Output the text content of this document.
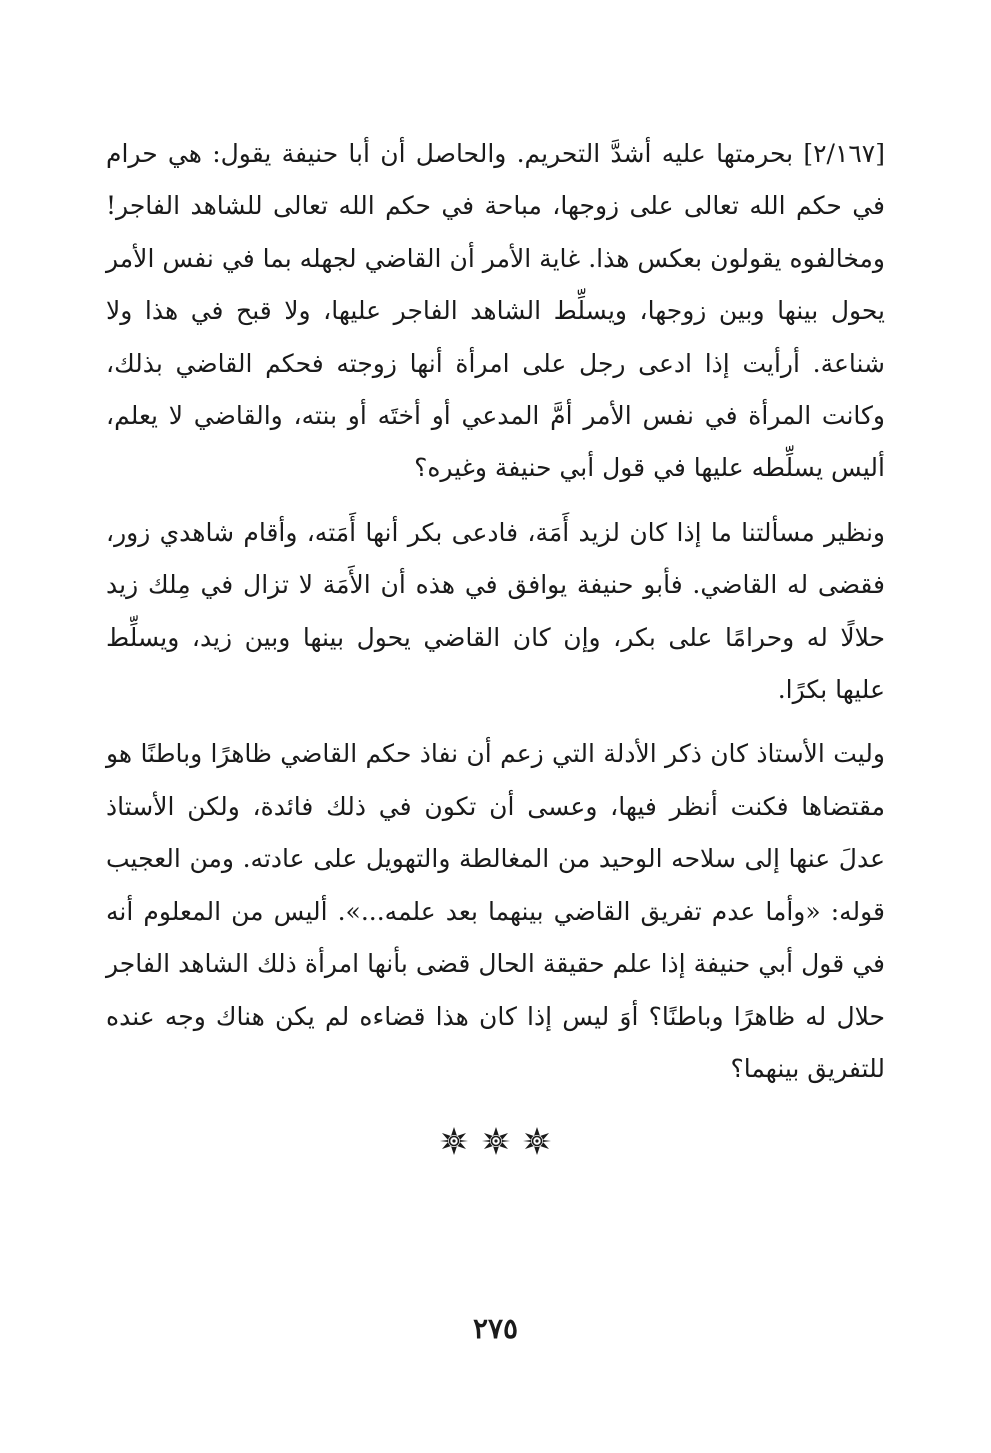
[٢/١٦٧] بحرمتها عليه أشدَّ التحريم. والحاصل أن أبا حنيفة يقول: هي حرام في حكم الله تعالى على زوجها، مباحة في حكم الله تعالى للشاهد الفاجر! ومخالفوه يقولون بعكس هذا. غاية الأمر أن القاضي لجهله بما في نفس الأمر يحول بينها وبين زوجها، ويسلِّط الشاهد الفاجر عليها، ولا قبح في هذا ولا شناعة. أرأيت إذا ادعى رجل على امرأة أنها زوجته فحكم القاضي بذلك، وكانت المرأة في نفس الأمر أمَّ المدعي أو أختَه أو بنته، والقاضي لا يعلم، أليس يسلِّطه عليها في قول أبي حنيفة وغيره؟

ونظير مسألتنا ما إذا كان لزيد أَمَة، فادعى بكر أنها أَمَته، وأقام شاهدي زور، فقضى له القاضي. فأبو حنيفة يوافق في هذه أن الأَمَة لا تزال في مِلك زيد حلالًا له وحرامًا على بكر، وإن كان القاضي يحول بينها وبين زيد، ويسلِّط عليها بكرًا.

وليت الأستاذ كان ذكر الأدلة التي زعم أن نفاذ حكم القاضي ظاهرًا وباطنًا هو مقتضاها فكنت أنظر فيها، وعسى أن تكون في ذلك فائدة، ولكن الأستاذ عدلَ عنها إلى سلاحه الوحيد من المغالطة والتهويل على عادته. ومن العجيب قوله: «وأما عدم تفريق القاضي بينهما بعد علمه...». أليس من المعلوم أنه في قول أبي حنيفة إذا علم حقيقة الحال قضى بأنها امرأة ذلك الشاهد الفاجر حلال له ظاهرًا وباطنًا؟ أوَ ليس إذا كان هذا قضاءه لم يكن هناك وجه عنده للتفريق بينهما؟

٢٧٥
